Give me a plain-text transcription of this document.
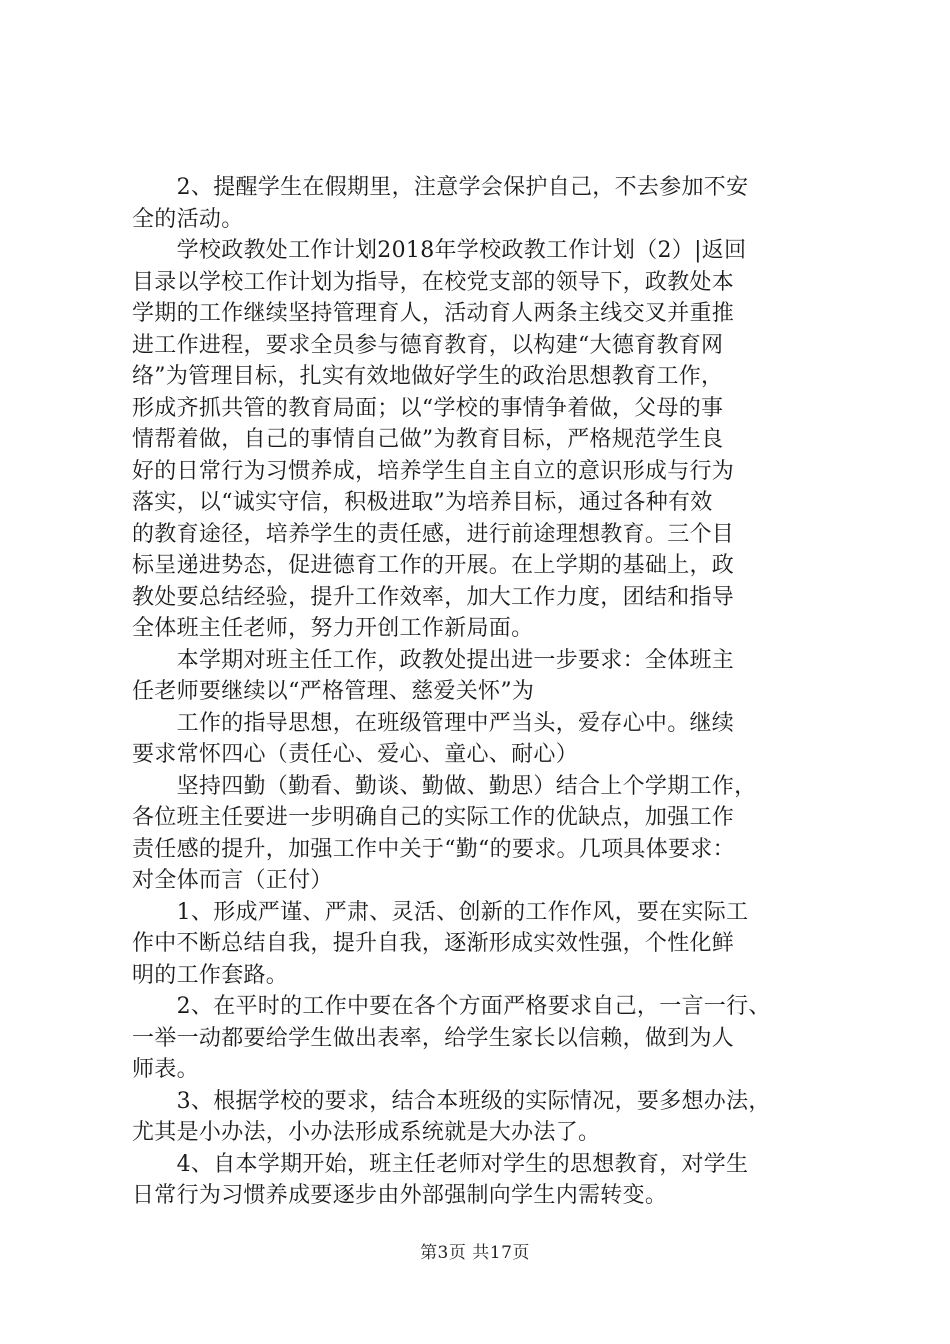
　　2、提醒学生在假期里，注意学会保护自己，不去参加不安
全的活动。
　　学校政教处工作计划2018年学校政教工作计划（2）|返回
目录以学校工作计划为指导，在校党支部的领导下，政教处本
学期的工作继续坚持管理育人，活动育人两条主线交叉并重推
进工作进程，要求全员参与德育教育，以构建“大德育教育网
络”为管理目标，扎实有效地做好学生的政治思想教育工作，
形成齐抓共管的教育局面；以“学校的事情争着做，父母的事
情帮着做，自己的事情自己做”为教育目标，严格规范学生良
好的日常行为习惯养成，培养学生自主自立的意识形成与行为
落实，以“诚实守信，积极进取”为培养目标，通过各种有效
的教育途径，培养学生的责任感，进行前途理想教育。三个目
标呈递进势态，促进德育工作的开展。在上学期的基础上，政
教处要总结经验，提升工作效率，加大工作力度，团结和指导
全体班主任老师，努力开创工作新局面。
　　本学期对班主任工作，政教处提出进一步要求：全体班主
任老师要继续以“严格管理、慈爱关怀”为
　　工作的指导思想，在班级管理中严当头，爱存心中。继续
要求常怀四心（责任心、爱心、童心、耐心）
　　坚持四勤（勤看、勤谈、勤做、勤思）结合上个学期工作，
各位班主任要进一步明确自己的实际工作的优缺点，加强工作
责任感的提升，加强工作中关于“勤“的要求。几项具体要求：
对全体而言（正付）
　　1、形成严谨、严肃、灵活、创新的工作作风，要在实际工
作中不断总结自我，提升自我，逐渐形成实效性强，个性化鲜
明的工作套路。
　　2、在平时的工作中要在各个方面严格要求自己，一言一行、
一举一动都要给学生做出表率，给学生家长以信赖，做到为人
师表。
　　3、根据学校的要求，结合本班级的实际情况，要多想办法，
尤其是小办法，小办法形成系统就是大办法了。
　　4、自本学期开始，班主任老师对学生的思想教育，对学生
日常行为习惯养成要逐步由外部强制向学生内需转变。
第3页 共17页
